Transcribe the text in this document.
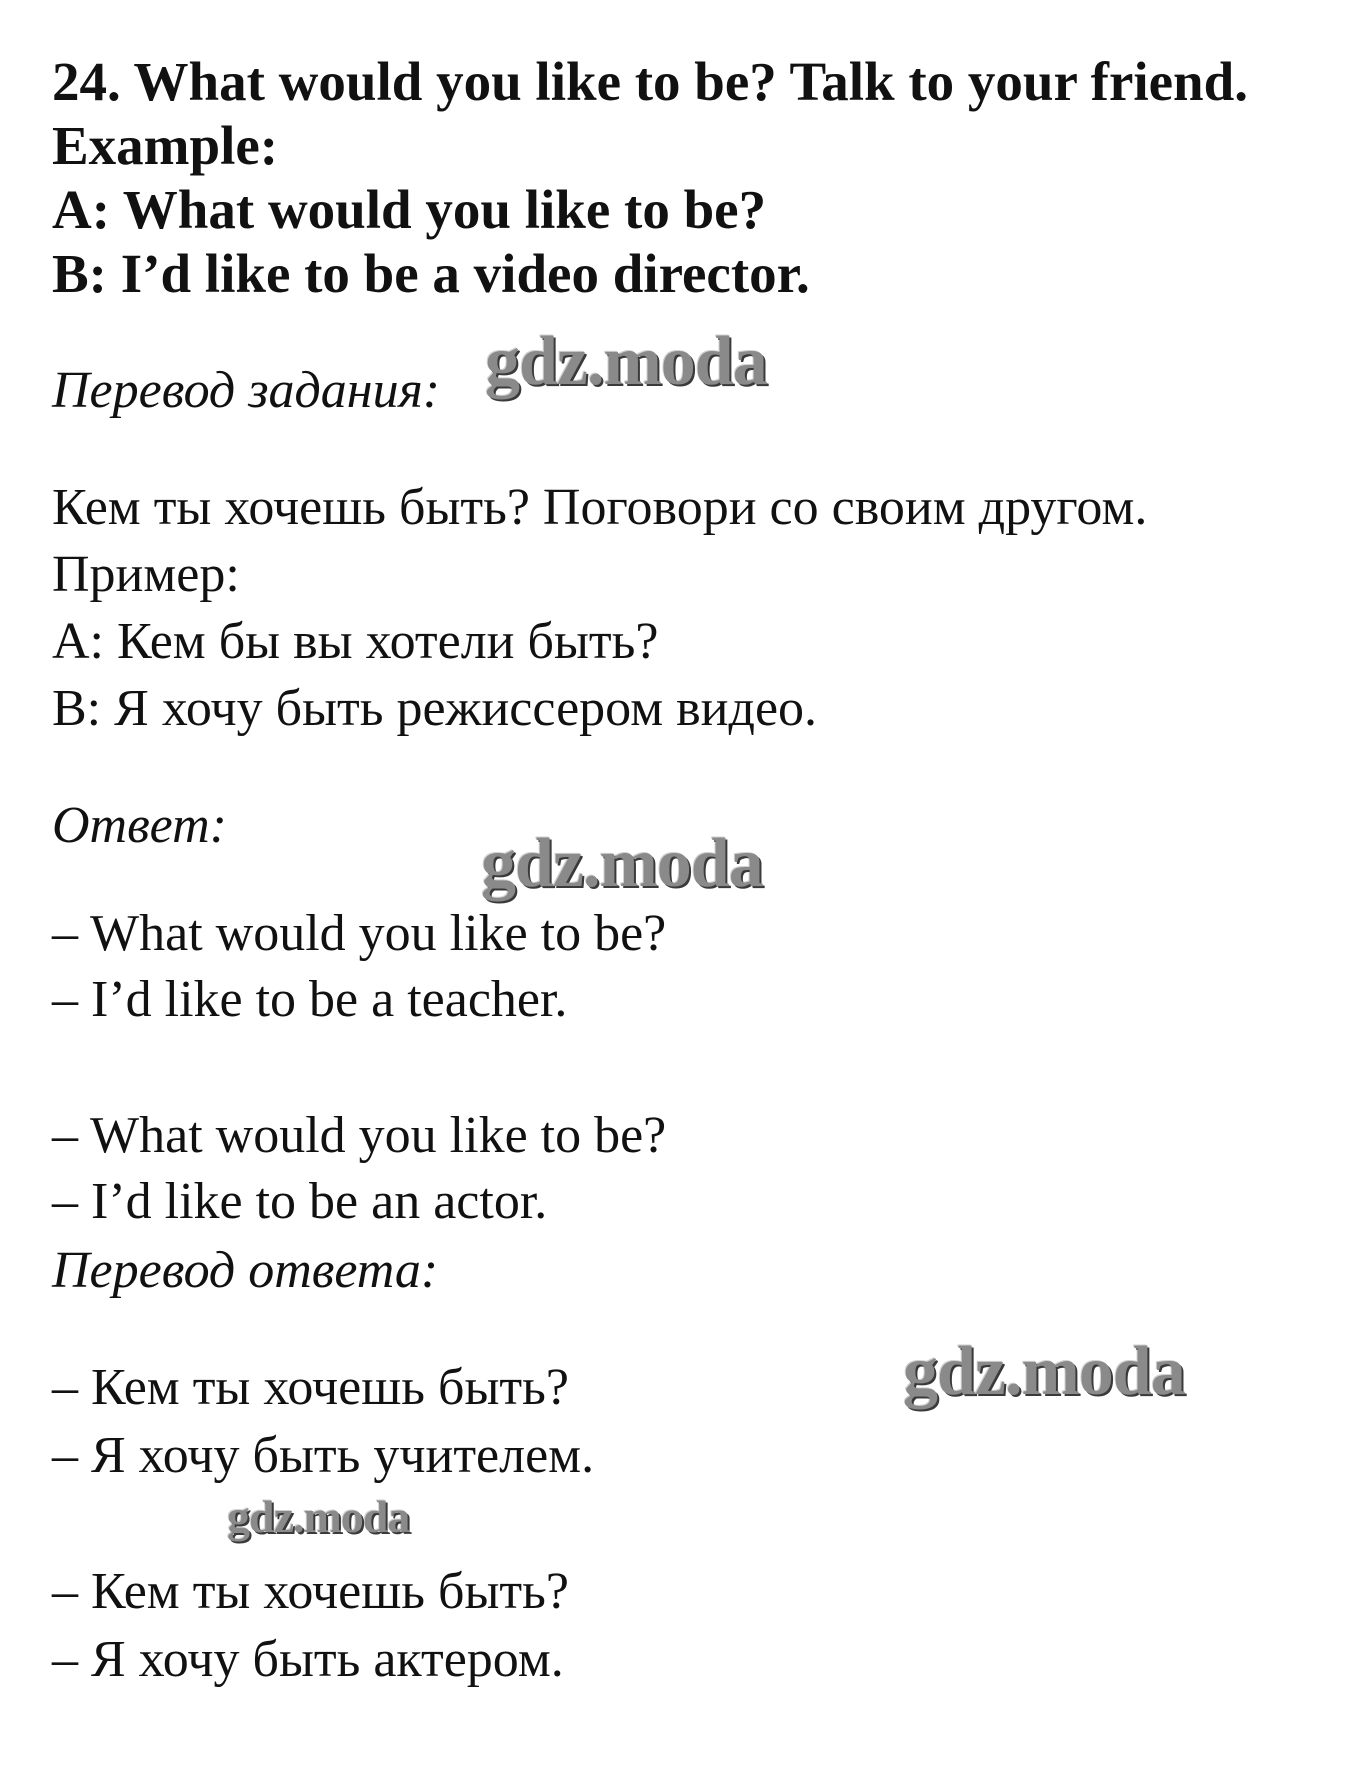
24. What would you like to be? Talk to your friend.
Example:
A: What would you like to be?
B: I’d like to be a video director.
Перевод задания:
Кем ты хочешь быть? Поговори со своим другом.
Пример:
А: Кем бы вы хотели быть?
В: Я хочу быть режиссером видео.
Ответ:
– What would you like to be?
– I’d like to be a teacher.
– What would you like to be?
– I’d like to be an actor.
Перевод ответа:
– Кем ты хочешь быть?
– Я хочу быть учителем.
– Кем ты хочешь быть?
– Я хочу быть актером.
gdz.moda
gdz.moda
gdz.moda
gdz.moda
